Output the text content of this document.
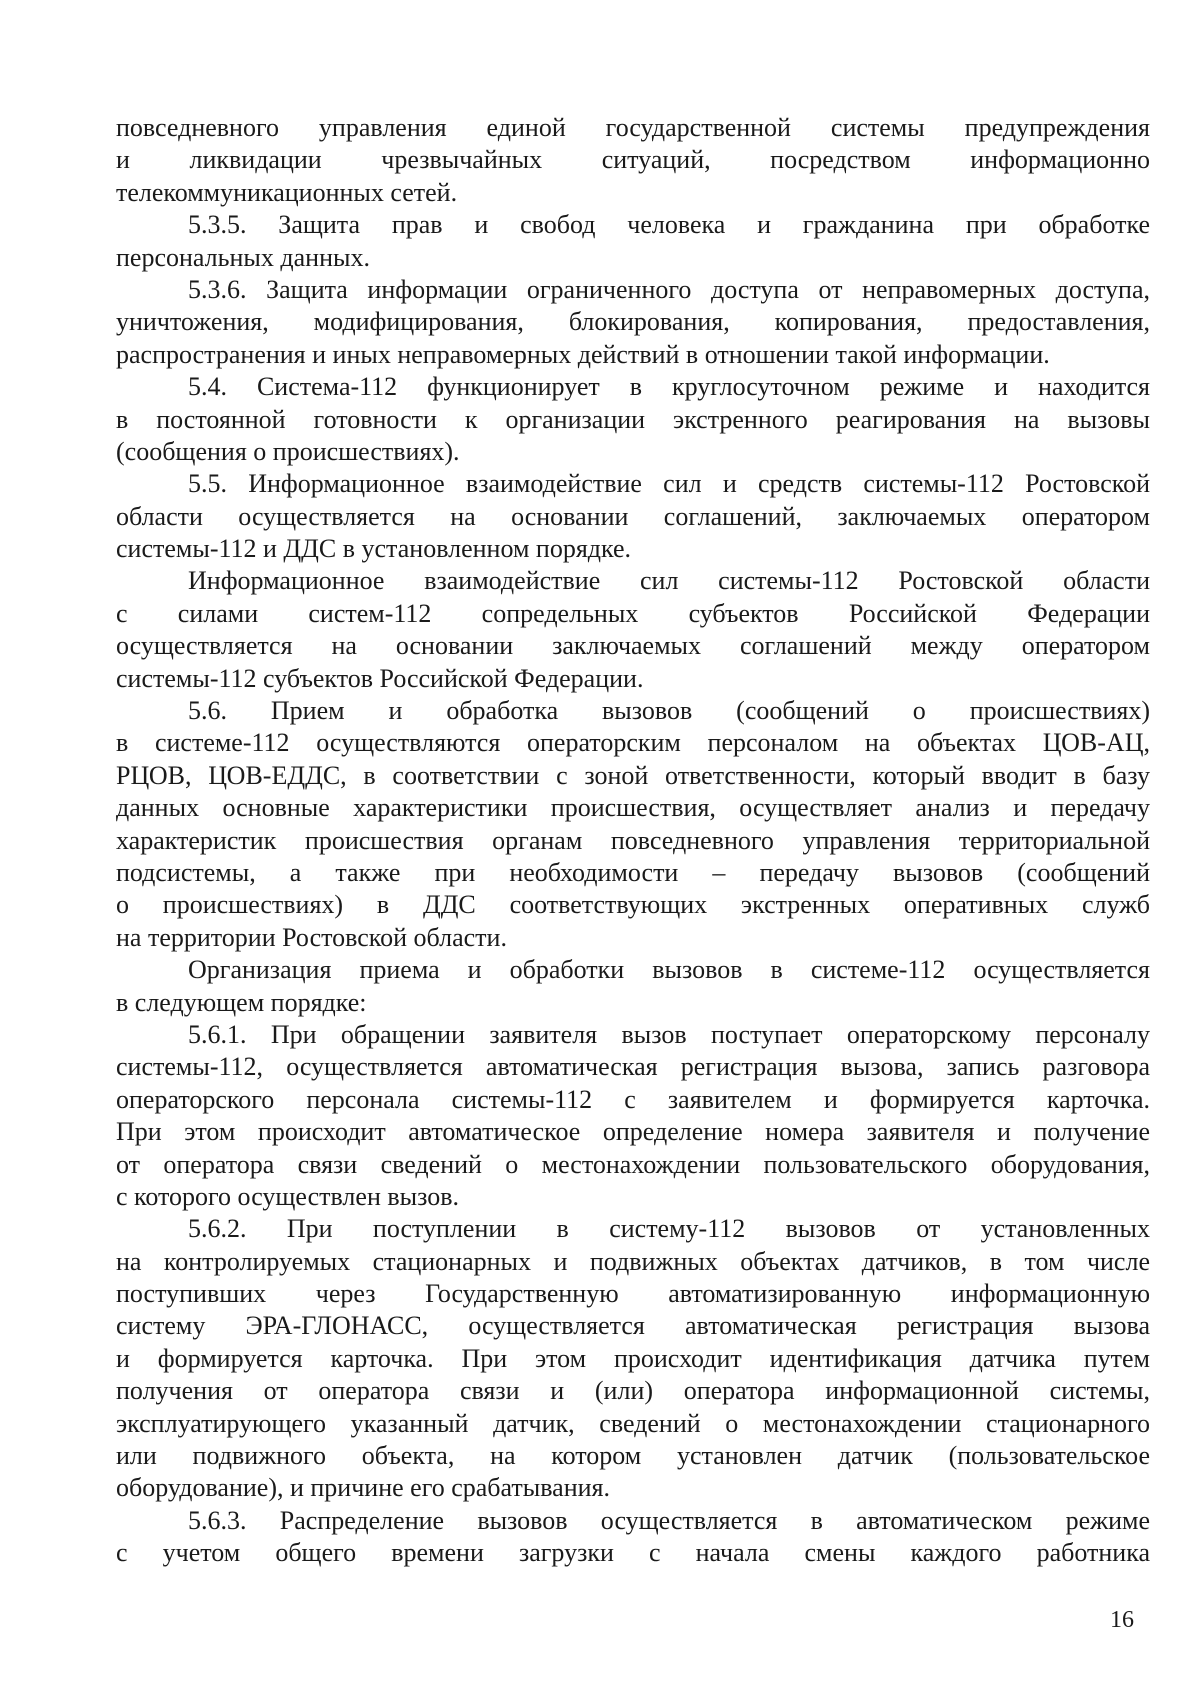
повседневного управления единой государственной системы предупреждения
и ликвидации чрезвычайных ситуаций, посредством информационно
телекоммуникационных сетей.
5.3.5. Защита прав и свобод человека и гражданина при обработке
персональных данных.
5.3.6. Защита информации ограниченного доступа от неправомерных доступа,
уничтожения, модифицирования, блокирования, копирования, предоставления,
распространения и иных неправомерных действий в отношении такой информации.
5.4. Система-112 функционирует в круглосуточном режиме и находится
в постоянной готовности к организации экстренного реагирования на вызовы
(сообщения о происшествиях).
5.5. Информационное взаимодействие сил и средств системы-112 Ростовской
области осуществляется на основании соглашений, заключаемых оператором
системы-112 и ДДС в установленном порядке.
Информационное взаимодействие сил системы-112 Ростовской области
с силами систем-112 сопредельных субъектов Российской Федерации
осуществляется на основании заключаемых соглашений между оператором
системы-112 субъектов Российской Федерации.
5.6. Прием и обработка вызовов (сообщений о происшествиях)
в системе-112 осуществляются операторским персоналом на объектах ЦОВ-АЦ,
РЦОВ, ЦОВ-ЕДДС, в соответствии с зоной ответственности, который вводит в базу
данных основные характеристики происшествия, осуществляет анализ и передачу
характеристик происшествия органам повседневного управления территориальной
подсистемы, а также при необходимости – передачу вызовов (сообщений
о происшествиях) в ДДС соответствующих экстренных оперативных служб
на территории Ростовской области.
Организация приема и обработки вызовов в системе-112 осуществляется
в следующем порядке:
5.6.1. При обращении заявителя вызов поступает операторскому персоналу
системы-112, осуществляется автоматическая регистрация вызова, запись разговора
операторского персонала системы-112 с заявителем и формируется карточка.
При этом происходит автоматическое определение номера заявителя и получение
от оператора связи сведений о местонахождении пользовательского оборудования,
с которого осуществлен вызов.
5.6.2. При поступлении в систему-112 вызовов от установленных
на контролируемых стационарных и подвижных объектах датчиков, в том числе
поступивших через Государственную автоматизированную информационную
систему ЭРА-ГЛОНАСС, осуществляется автоматическая регистрация вызова
и формируется карточка. При этом происходит идентификация датчика путем
получения от оператора связи и (или) оператора информационной системы,
эксплуатирующего указанный датчик, сведений о местонахождении стационарного
или подвижного объекта, на котором установлен датчик (пользовательское
оборудование), и причине его срабатывания.
5.6.3. Распределение вызовов осуществляется в автоматическом режиме
с учетом общего времени загрузки с начала смены каждого работника
16
